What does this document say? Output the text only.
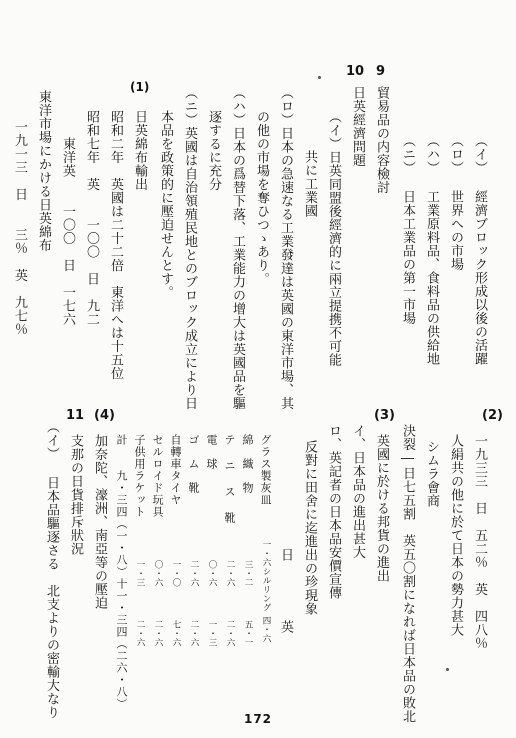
（イ） 經濟ブロック形成以後の活躍
（ロ） 世界への市場
（ハ） 工業原料品、食料品の供給地
（ニ） 日本工業品の第一市場
9
貿易品の内容檢討
10
日英經濟問題
（イ）日英同盟後經濟的に兩立提携不可能
共に工業國
（ロ）日本の急速なる工業發達は英國の東洋市場、其
の他の市場を奪ひつゝあり。
（ハ）日本の爲替下落、工業能力の增大は英國品を驅
逐するに充分
（ニ）英國は自治領殖民地とのブロック成立により日
本品を政策的に壓迫せんとす。
(1)
日英綿布輸出
昭和二年　英國は二十二倍　東洋へは十五位
昭和七年　英　　一〇〇　日　九二
　　東洋英　　一〇〇　日　一七六
東洋市場にかける日英綿布
一九一三　日　　三％　英　九七％
(2)
一九三三　日　五二％　英　四八％
人絹共の他に於て日本の勢力甚大
シムラ會商
決裂―日七五割　英五〇割になれば日本品の敗北
(3)
英國に於ける邦貨の進出
イ、日本品の進出甚大
ロ、英記者の日本品安價宣傳
反對に田舍に迄進出の珍現象
日
英
グラス製灰皿
一・六シルリング
四・六
綿　織　物
三・二
五・一
テ ニ ス 靴
二・六
二・六
電　球
〇・六
一・三
ゴ　ム　靴
二・六
二・六
自轉車タイヤ
一・〇
七・六
セルロイド玩具
〇・六
二・六
子供用ラケット
一・三
二・六
計　　九・三四（一・八）十一・三四（二六・八）
(4)
加奈陀、濠洲、南亞等の壓迫
11
支那の日貨排斥狀況
（イ） 日本品驅逐さる　北支よりの密輸大なり	172
